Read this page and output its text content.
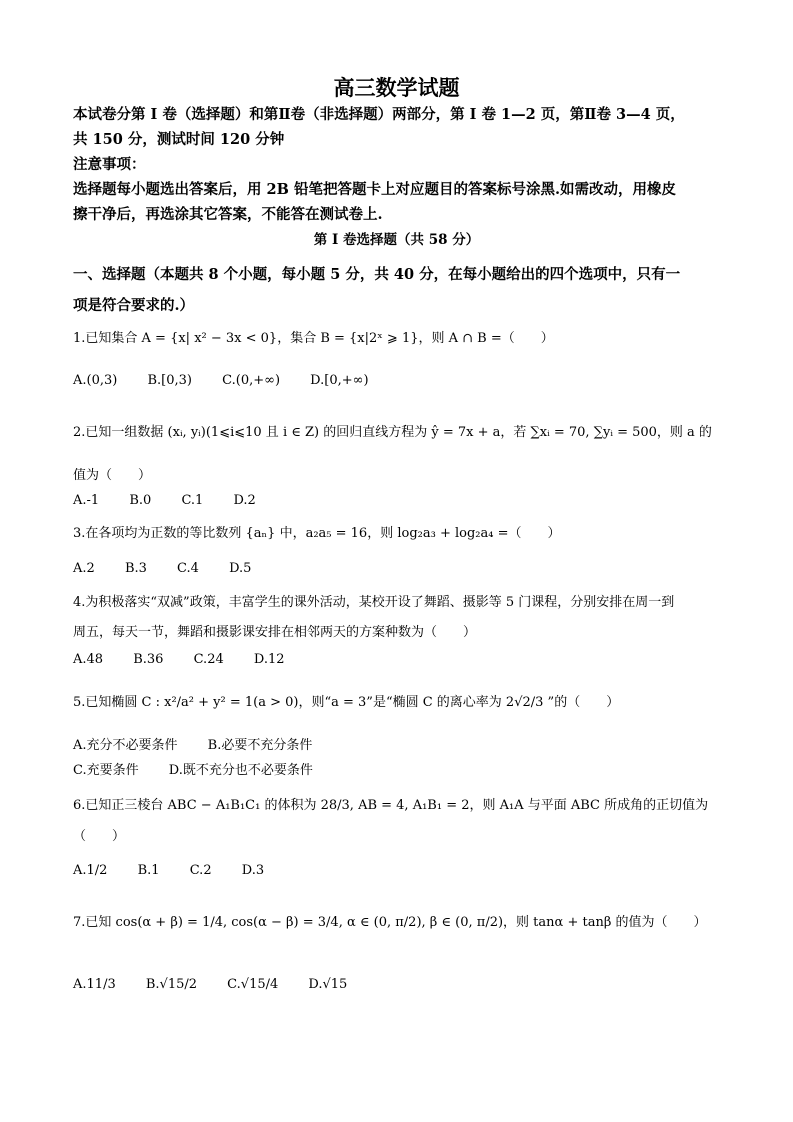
高三数学试题
本试卷分第 I 卷（选择题）和第Ⅱ卷（非选择题）两部分，第 I 卷 1—2 页，第Ⅱ卷 3—4 页，
共 150 分，测试时间 120 分钟
注意事项：
选择题每小题选出答案后，用 2B 铅笔把答题卡上对应题目的答案标号涂黑.如需改动，用橡皮
擦干净后，再选涂其它答案，不能答在测试卷上.
第 I 卷选择题（共 58 分）
一、选择题（本题共 8 个小题，每小题 5 分，共 40 分，在每小题给出的四个选项中，只有一
项是符合要求的.）
1.已知集合 A = {x| x² − 3x < 0}，集合 B = {x|2ˣ ⩾ 1}，则 A ∩ B =（　　）
A.(0,3) B.[0,3) C.(0,+∞) D.[0,+∞)
2.已知一组数据 (xᵢ, yᵢ)(1⩽i⩽10 且 i ∈ Z) 的回归直线方程为 ŷ = 7x + a，若 ∑xᵢ = 70, ∑yᵢ = 500，则 a 的
值为（　　）
A.-1 B.0 C.1 D.2
3.在各项均为正数的等比数列 {aₙ} 中，a₂a₅ = 16，则 log₂a₃ + log₂a₄ =（　　）
A.2 B.3 C.4 D.5
4.为积极落实“双减”政策，丰富学生的课外活动，某校开设了舞蹈、摄影等 5 门课程，分别安排在周一到
周五，每天一节，舞蹈和摄影课安排在相邻两天的方案种数为（　　）
A.48 B.36 C.24 D.12
5.已知椭圆 C : x²/a² + y² = 1(a > 0)，则“a = 3”是“椭圆 C 的离心率为 2√2/3 ”的（　　）
A.充分不必要条件 B.必要不充分条件
C.充要条件 D.既不充分也不必要条件
6.已知正三棱台 ABC − A₁B₁C₁ 的体积为 28/3, AB = 4, A₁B₁ = 2，则 A₁A 与平面 ABC 所成角的正切值为
（　　）
A.1/2 B.1 C.2 D.3
7.已知 cos(α + β) = 1/4, cos(α − β) = 3/4, α ∈ (0, π/2), β ∈ (0, π/2)，则 tanα + tanβ 的值为（　　）
A.11/3 B.√15/2 C.√15/4 D.√15
